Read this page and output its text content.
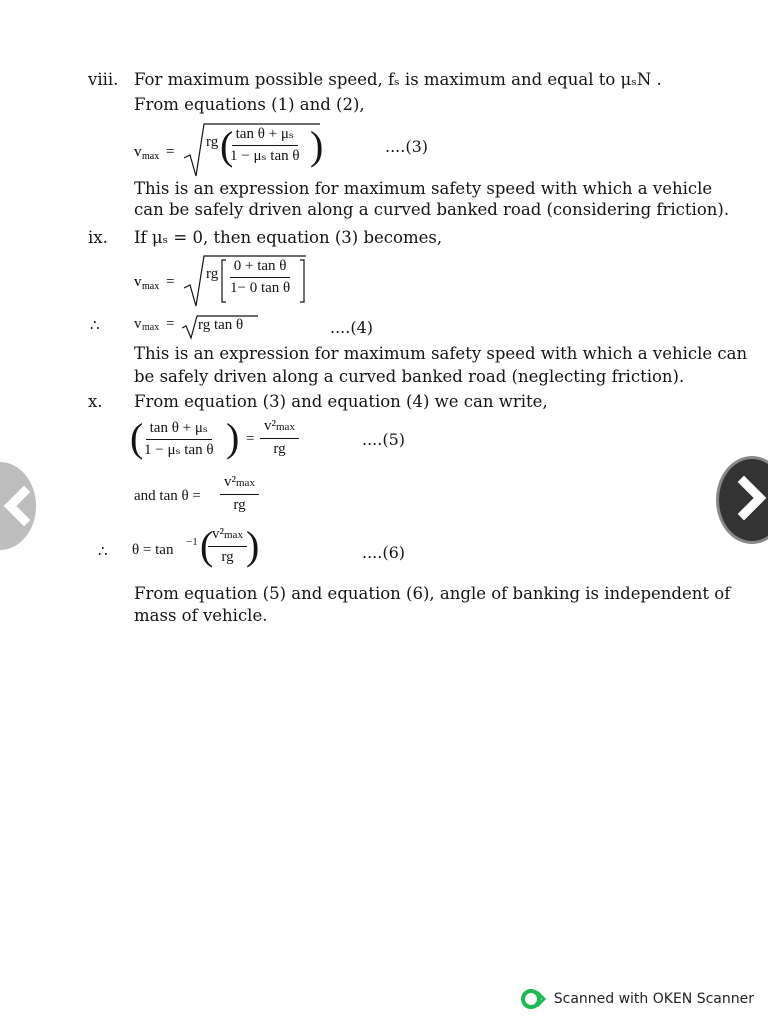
viii. For maximum possible speed, fₛ is maximum and equal to μₛN .
From equations (1) and (2),
v max =
rg (
$\frac{\text{tan θ + μₛ}}{\text{1 − μₛ tan θ}}$ )	....(3)
This is an expression for maximum safety speed with which a vehicle
can be safely driven along a curved banked road (considering friction).
ix. If μₛ = 0, then equation (3) becomes,
v max = rg $\frac{\text{0 + tan θ}}{\text{1− 0 tan θ}}$
∴ v max = rg tan θ	....(4)
This is an expression for maximum safety speed with which a vehicle can
be safely driven along a curved banked road (neglecting friction).
x. From equation (3) and equation (4) we can write,
(
$\frac{\text{tan θ + μₛ}}{\text{1 − μₛ tan θ}}$ ) =
v²max
rg	....(5)
and tan θ =
v²max
rg
∴ θ = tan −1 (
v²max
rg )	....(6)
From equation (5) and equation (6), angle of banking is independent of
mass of vehicle.
Scanned with OKEN Scanner
